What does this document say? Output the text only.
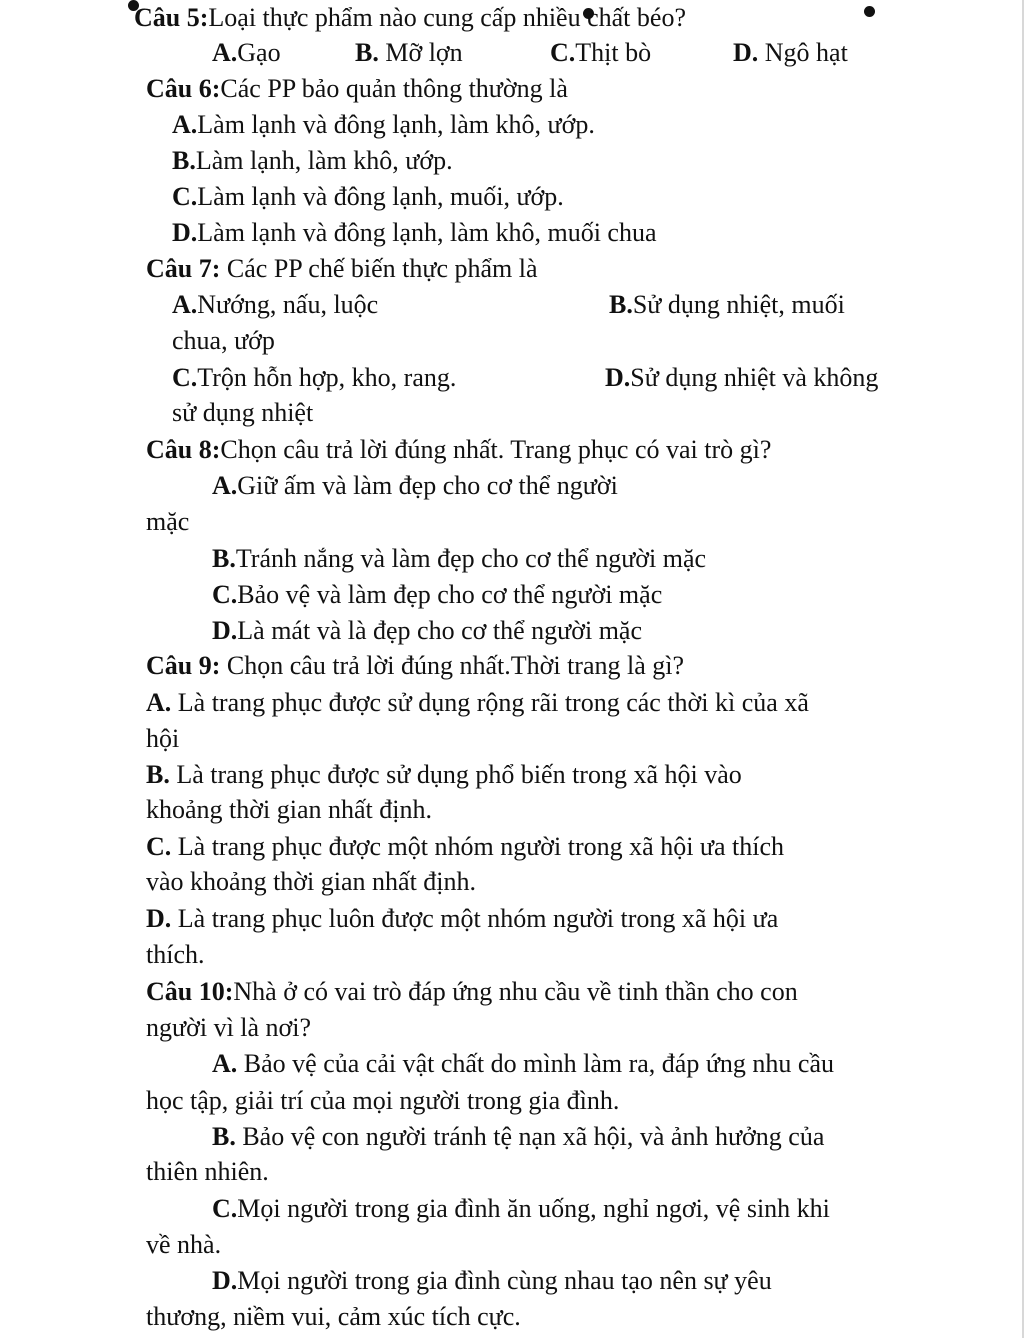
Câu 5:Loại thực phẩm nào cung cấp nhiều chất béo?
A.Gạo	B. Mỡ lợn	C.Thịt bò	D. Ngô hạt
Câu 6:Các PP bảo quản thông thường là
A.Làm lạnh và đông lạnh, làm khô, ướp.
B.Làm lạnh, làm khô, ướp.
C.Làm lạnh và đông lạnh, muối, ướp.
D.Làm lạnh và đông lạnh, làm khô, muối chua
Câu 7: Các PP chế biến thực phẩm là
A.Nướng, nấu, luộc	B.Sử dụng nhiệt, muối
chua, ướp
C.Trộn hỗn hợp, kho, rang.	D.Sử dụng nhiệt và không
sử dụng nhiệt
Câu 8:Chọn câu trả lời đúng nhất. Trang phục có vai trò gì?
A.Giữ ấm và làm đẹp cho cơ thể người
mặc
B.Tránh nắng và làm đẹp cho cơ thể người mặc
C.Bảo vệ và làm đẹp cho cơ thể người mặc
D.Là mát và là đẹp cho cơ thể người mặc
Câu 9: Chọn câu trả lời đúng nhất.Thời trang là gì?
A. Là trang phục được sử dụng rộng rãi trong các thời kì của xã
hội
B. Là trang phục được sử dụng phổ biến trong xã hội vào
khoảng thời gian nhất định.
C. Là trang phục được một nhóm người trong xã hội ưa thích
vào khoảng thời gian nhất định.
D. Là trang phục luôn được một nhóm người trong xã hội ưa
thích.
Câu 10:Nhà ở có vai trò đáp ứng nhu cầu về tinh thần cho con
người vì là nơi?
A. Bảo vệ của cải vật chất do mình làm ra, đáp ứng nhu cầu
học tập, giải trí của mọi người trong gia đình.
B. Bảo vệ con người tránh tệ nạn xã hội, và ảnh hưởng của
thiên nhiên.
C.Mọi người trong gia đình ăn uống, nghỉ ngơi, vệ sinh khi
về nhà.
D.Mọi người trong gia đình cùng nhau tạo nên sự yêu
thương, niềm vui, cảm xúc tích cực.
